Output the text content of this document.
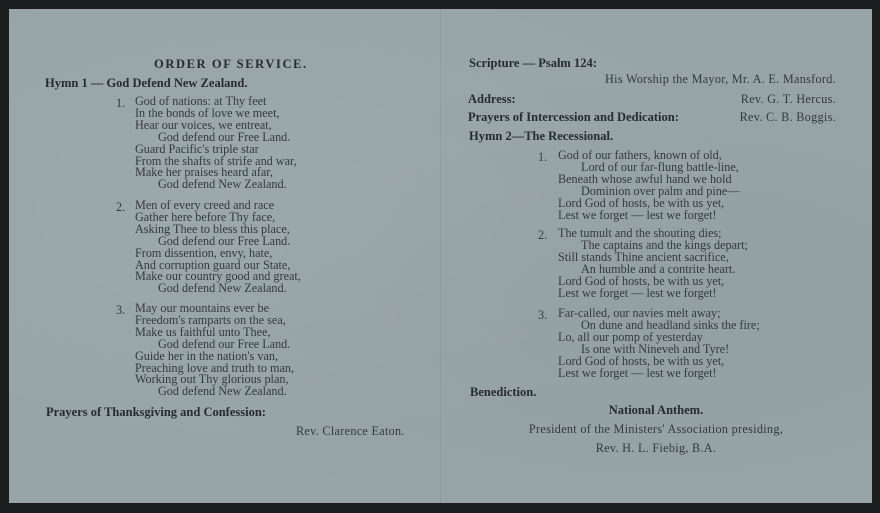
ORDER OF SERVICE.
Hymn 1 — God Defend New Zealand.
1. God of nations: at Thy feet
In the bonds of love we meet,
Hear our voices, we entreat,
God defend our Free Land.
Guard Pacific's triple star
From the shafts of strife and war,
Make her praises heard afar,
God defend New Zealand.
2. Men of every creed and race
Gather here before Thy face,
Asking Thee to bless this place,
God defend our Free Land.
From dissention, envy, hate,
And corruption guard our State,
Make our country good and great,
God defend New Zealand.
3. May our mountains ever be
Freedom's ramparts on the sea,
Make us faithful unto Thee,
God defend our Free Land.
Guide her in the nation's van,
Preaching love and truth to man,
Working out Thy glorious plan,
God defend New Zealand.
Prayers of Thanksgiving and Confession:
Rev. Clarence Eaton.
Scripture — Psalm 124:
His Worship the Mayor, Mr. A. E. Mansford.
Address:	Rev. G. T. Hercus.
Prayers of Intercession and Dedication:	Rev. C. B. Boggis.
Hymn 2—The Recessional.
1. God of our fathers, known of old,
Lord of our far-flung battle-line,
Beneath whose awful hand we hold
Dominion over palm and pine—
Lord God of hosts, be with us yet,
Lest we forget — lest we forget!
2. The tumult and the shouting dies;
The captains and the kings depart;
Still stands Thine ancient sacrifice,
An humble and a contrite heart.
Lord God of hosts, be with us yet,
Lest we forget — lest we forget!
3. Far-called, our navies melt away;
On dune and headland sinks the fire;
Lo, all our pomp of yesterday
Is one with Nineveh and Tyre!
Lord God of hosts, be with us yet,
Lest we forget — lest we forget!
Benediction.
National Anthem.
President of the Ministers' Association presiding,
Rev. H. L. Fiebig, B.A.
